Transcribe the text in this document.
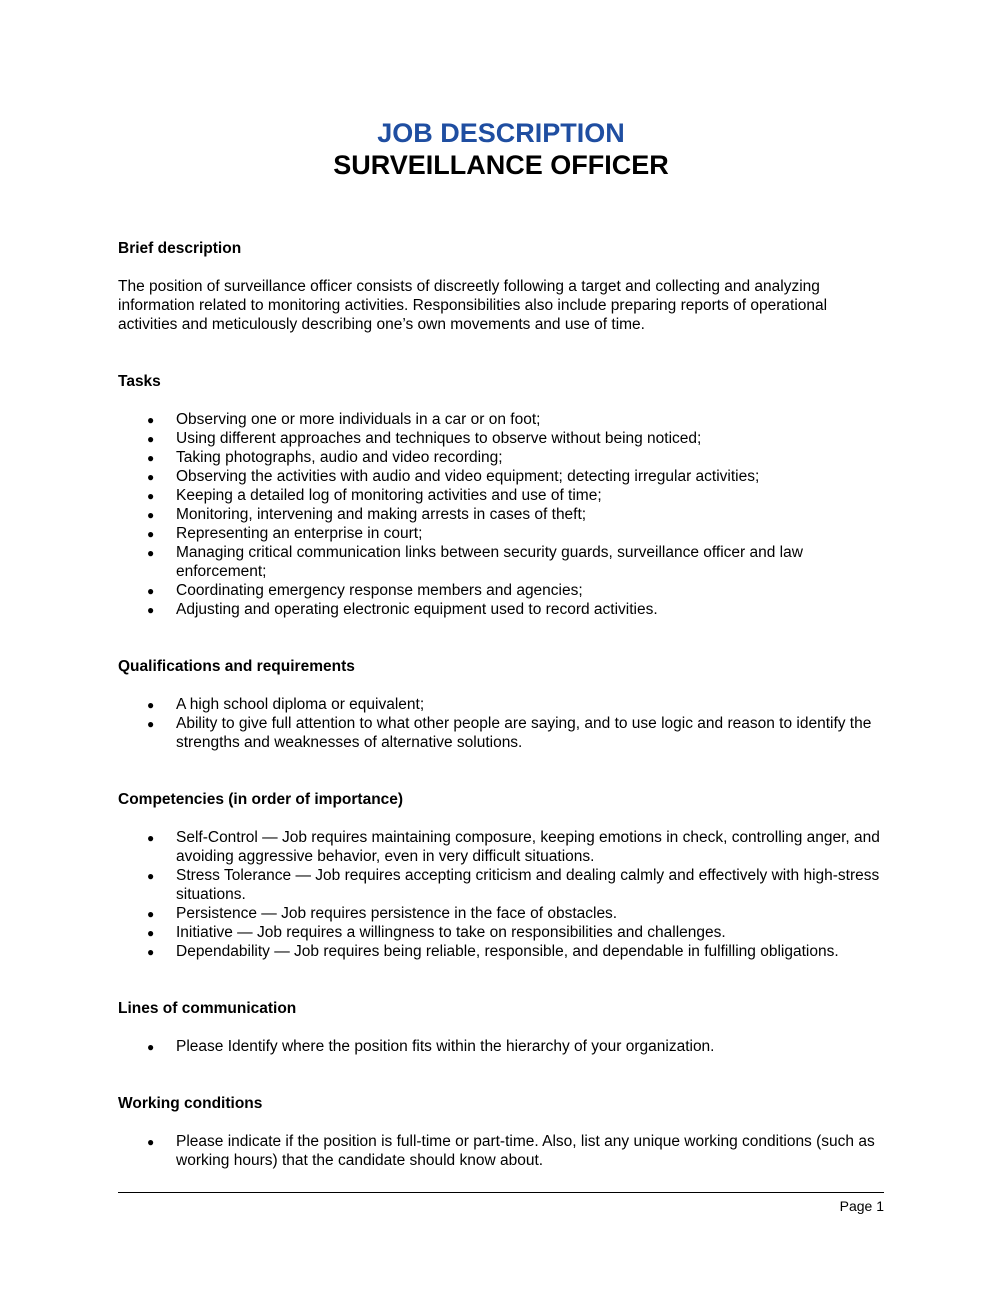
JOB DESCRIPTION
SURVEILLANCE OFFICER

Brief description

The position of surveillance officer consists of discreetly following a target and collecting and analyzing information related to monitoring activities. Responsibilities also include preparing reports of operational activities and meticulously describing one’s own movements and use of time.

Tasks

● Observing one or more individuals in a car or on foot;
● Using different approaches and techniques to observe without being noticed;
● Taking photographs, audio and video recording;
● Observing the activities with audio and video equipment; detecting irregular activities;
● Keeping a detailed log of monitoring activities and use of time;
● Monitoring, intervening and making arrests in cases of theft;
● Representing an enterprise in court;
● Managing critical communication links between security guards, surveillance officer and law enforcement;
● Coordinating emergency response members and agencies;
● Adjusting and operating electronic equipment used to record activities.

Qualifications and requirements

● A high school diploma or equivalent;
● Ability to give full attention to what other people are saying, and to use logic and reason to identify the strengths and weaknesses of alternative solutions.

Competencies (in order of importance)

● Self-Control — Job requires maintaining composure, keeping emotions in check, controlling anger, and avoiding aggressive behavior, even in very difficult situations.
● Stress Tolerance — Job requires accepting criticism and dealing calmly and effectively with high-stress situations.
● Persistence — Job requires persistence in the face of obstacles.
● Initiative — Job requires a willingness to take on responsibilities and challenges.
● Dependability — Job requires being reliable, responsible, and dependable in fulfilling obligations.

Lines of communication

● Please Identify where the position fits within the hierarchy of your organization.

Working conditions

● Please indicate if the position is full-time or part-time. Also, list any unique working conditions (such as working hours) that the candidate should know about.
Page 1
